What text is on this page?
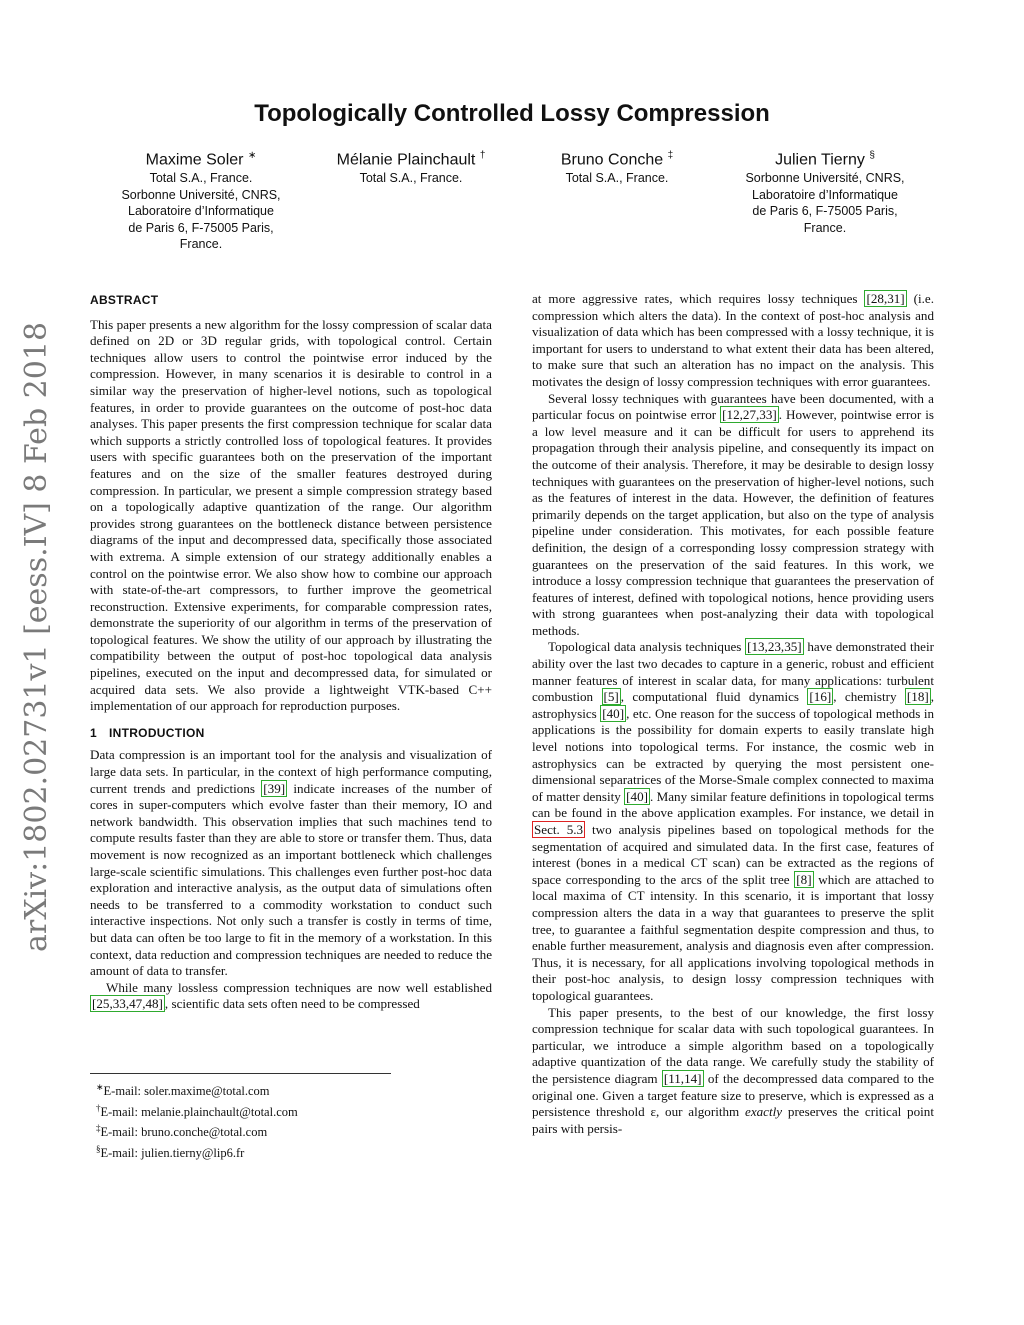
arXiv:1802.02731v1 [eess.IV] 8 Feb 2018
Topologically Controlled Lossy Compression
Maxime Soler ∗
Total S.A., France.
Sorbonne Université, CNRS,
Laboratoire d’Informatique
de Paris 6, F-75005 Paris,
France.
Mélanie Plainchault †
Total S.A., France.
Bruno Conche ‡
Total S.A., France.
Julien Tierny §
Sorbonne Université, CNRS,
Laboratoire d’Informatique
de Paris 6, F-75005 Paris,
France.
ABSTRACT

This paper presents a new algorithm for the lossy compression of scalar data defined on 2D or 3D regular grids, with topological control. Certain techniques allow users to control the pointwise error induced by the compression. However, in many scenarios it is desirable to control in a similar way the preservation of higher-level notions, such as topological features, in order to provide guarantees on the outcome of post-hoc data analyses. This paper presents the first compression technique for scalar data which supports a strictly controlled loss of topological features. It provides users with specific guarantees both on the preservation of the important features and on the size of the smaller features destroyed during compression. In particular, we present a simple compression strategy based on a topologically adaptive quantization of the range. Our algorithm provides strong guarantees on the bottleneck distance between persistence diagrams of the input and decompressed data, specifically those associated with extrema. A simple extension of our strategy additionally enables a control on the pointwise error. We also show how to combine our approach with state-of-the-art compressors, to further improve the geometrical reconstruction. Extensive experiments, for comparable compression rates, demonstrate the superiority of our algorithm in terms of the preservation of topological features. We show the utility of our approach by illustrating the compatibility between the output of post-hoc topological data analysis pipelines, executed on the input and decompressed data, for simulated or acquired data sets. We also provide a lightweight VTK-based C++ implementation of our approach for reproduction purposes.

1 INTRODUCTION

Data compression is an important tool for the analysis and visualization of large data sets. In particular, in the context of high performance computing, current trends and predictions [39] indicate increases of the number of cores in super-computers which evolve faster than their memory, IO and network bandwidth. This observation implies that such machines tend to compute results faster than they are able to store or transfer them. Thus, data movement is now recognized as an important bottleneck which challenges large-scale scientific simulations. This challenges even further post-hoc data exploration and interactive analysis, as the output data of simulations often needs to be transferred to a commodity workstation to conduct such interactive inspections. Not only such a transfer is costly in terms of time, but data can often be too large to fit in the memory of a workstation. In this context, data reduction and compression techniques are needed to reduce the amount of data to transfer.

While many lossless compression techniques are now well established [25,33,47,48] , scientific data sets often need to be compressed

∗E-mail: soler.maxime@total.com
†E-mail: melanie.plainchault@total.com
‡E-mail: bruno.conche@total.com
§E-mail: julien.tierny@lip6.fr

at more aggressive rates, which requires lossy techniques [28,31] (i.e. compression which alters the data). In the context of post-hoc analysis and visualization of data which has been compressed with a lossy technique, it is important for users to understand to what extent their data has been altered, to make sure that such an alteration has no impact on the analysis. This motivates the design of lossy compression techniques with error guarantees.

Several lossy techniques with guarantees have been documented, with a particular focus on pointwise error [12,27,33] . However, pointwise error is a low level measure and it can be difficult for users to apprehend its propagation through their analysis pipeline, and consequently its impact on the outcome of their analysis. Therefore, it may be desirable to design lossy techniques with guarantees on the preservation of higher-level notions, such as the features of interest in the data. However, the definition of features primarily depends on the target application, but also on the type of analysis pipeline under consideration. This motivates, for each possible feature definition, the design of a corresponding lossy compression strategy with guarantees on the preservation of the said features. In this work, we introduce a lossy compression technique that guarantees the preservation of features of interest, defined with topological notions, hence providing users with strong guarantees when post-analyzing their data with topological methods.

Topological data analysis techniques [13,23,35] have demonstrated their ability over the last two decades to capture in a generic, robust and efficient manner features of interest in scalar data, for many applications: turbulent combustion [5] , computational fluid dynamics [16] , chemistry [18] , astrophysics [40] , etc. One reason for the success of topological methods in applications is the possibility for domain experts to easily translate high level notions into topological terms. For instance, the cosmic web in astrophysics can be extracted by querying the most persistent one-dimensional separatrices of the Morse-Smale complex connected to maxima of matter density [40] . Many similar feature definitions in topological terms can be found in the above application examples. For instance, we detail in Sect. 5.3 two analysis pipelines based on topological methods for the segmentation of acquired and simulated data. In the first case, features of interest (bones in a medical CT scan) can be extracted as the regions of space corresponding to the arcs of the split tree [8] which are attached to local maxima of CT intensity. In this scenario, it is important that lossy compression alters the data in a way that guarantees to preserve the split tree, to guarantee a faithful segmentation despite compression and thus, to enable further measurement, analysis and diagnosis even after compression. Thus, it is necessary, for all applications involving topological methods in their post-hoc analysis, to design lossy compression techniques with topological guarantees.

This paper presents, to the best of our knowledge, the first lossy compression technique for scalar data with such topological guarantees. In particular, we introduce a simple algorithm based on a topologically adaptive quantization of the data range. We carefully study the stability of the persistence diagram [11,14] of the decompressed data compared to the original one. Given a target feature size to preserve, which is expressed as a persistence threshold ε, our algorithm exactly preserves the critical point pairs with persis-
